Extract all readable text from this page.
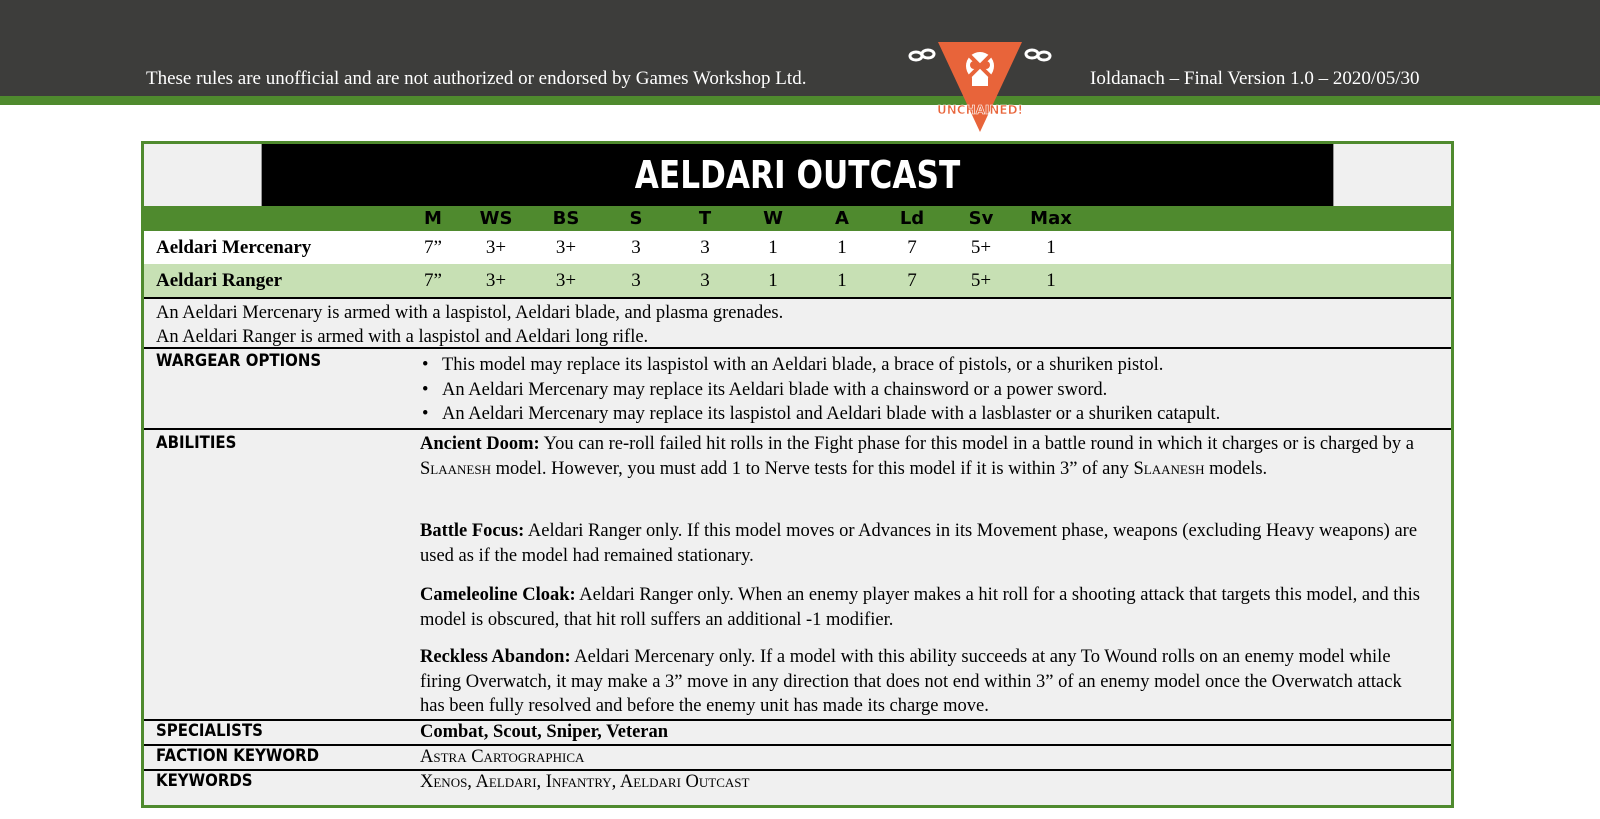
These rules are unofficial and are not authorized or endorsed by Games Workshop Ltd.	Ioldanach – Final Version 1.0 – 2020/05/30
UNCHAINED!
AELDARI OUTCAST
M WS BS	S	T	W	A	Ld Sv Max
Aeldari Mercenary	7” 3+	3+	3	3	1	1	7	5+	1
Aeldari Ranger	7” 3+	3+	3	3	1	1	7	5+	1
An Aeldari Mercenary is armed with a laspistol, Aeldari blade, and plasma grenades.
An Aeldari Ranger is armed with a laspistol and Aeldari long rifle.
WARGEAR OPTIONS
•	This model may replace its laspistol with an Aeldari blade, a brace of pistols, or a shuriken pistol.
• An Aeldari Mercenary may replace its Aeldari blade with a chainsword or a power sword.
• An Aeldari Mercenary may replace its laspistol and Aeldari blade with a lasblaster or a shuriken catapult.
ABILITIES	Ancient Doom: You can re-roll failed hit rolls in the Fight phase for this model in a battle round in which it charges or is charged by a Slaanesh model. However, you must add 1 to Nerve tests for this model if it is within 3” of any Slaanesh models.
Battle Focus: Aeldari Ranger only. If this model moves or Advances in its Movement phase, weapons (excluding Heavy weapons) are used as if the model had remained stationary.
Cameleoline Cloak: Aeldari Ranger only. When an enemy player makes a hit roll for a shooting attack that targets this model, and this model is obscured, that hit roll suffers an additional -1 modifier.
Reckless Abandon: Aeldari Mercenary only. If a model with this ability succeeds at any To Wound rolls on an enemy model while firing Overwatch, it may make a 3” move in any direction that does not end within 3” of an enemy model once the Overwatch attack has been fully resolved and before the enemy unit has made its charge move.
SPECIALISTS	Combat, Scout, Sniper, Veteran
FACTION KEYWORD	Astra Cartographica
KEYWORDS	Xenos, Aeldari, Infantry, Aeldari Outcast
